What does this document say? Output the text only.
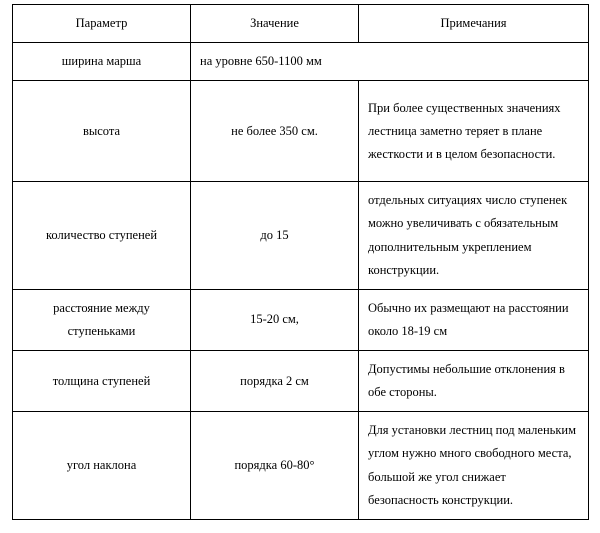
Параметр	Значение	Примечания
ширина марша	на уровне 650-1100 мм	
высота	не более 350 см.	При более существенных значениях лестница заметно теряет в плане жесткости и в целом безопасности.
количество ступеней	до 15	отдельных ситуациях число ступенек можно увеличивать с обязательным дополнительным укреплением конструкции.
расстояние между ступеньками	15-20 см,	Обычно их размещают на расстоянии около 18-19 см
толщина ступеней	порядка 2 см	Допустимы небольшие отклонения в обе стороны.
угол наклона	порядка 60-80°	Для установки лестниц под маленьким углом нужно много свободного места, большой же угол снижает безопасность конструкции.
